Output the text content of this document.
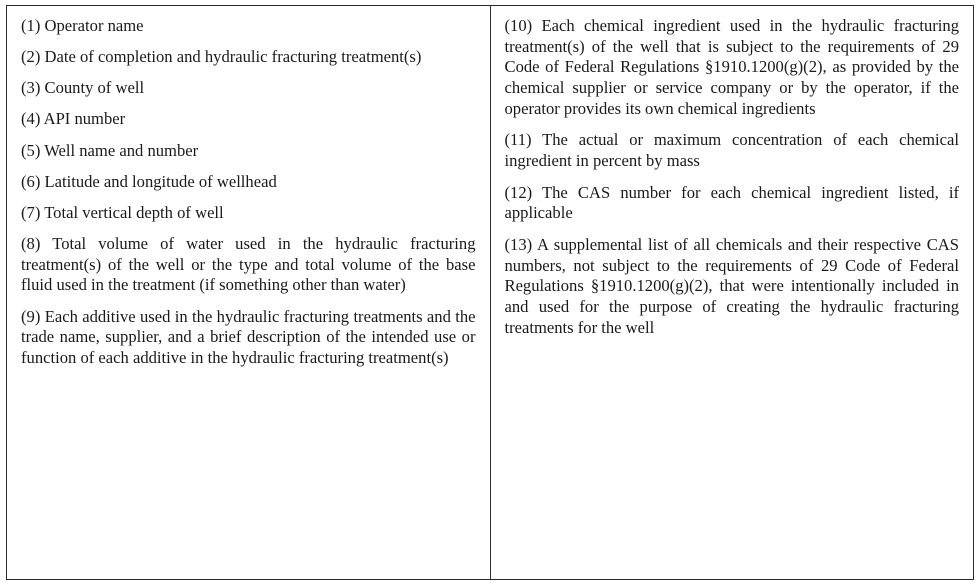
(1) Operator name

(2) Date of completion and hydraulic fracturing treatment(s)

(3) County of well

(4) API number

(5) Well name and number

(6) Latitude and longitude of wellhead

(7) Total vertical depth of well

(8) Total volume of water used in the hydraulic fracturing treatment(s) of the well or the type and total volume of the base fluid used in the treatment (if something other than water)

(9) Each additive used in the hydraulic fracturing treatments and the trade name, supplier, and a brief description of the intended use or function of each additive in the hydraulic fracturing treatment(s)

(10) Each chemical ingredient used in the hydraulic fracturing treatment(s) of the well that is subject to the requirements of 29 Code of Federal Regulations §1910.1200(g)(2), as provided by the chemical supplier or service company or by the operator, if the operator provides its own chemical ingredients

(11) The actual or maximum concentration of each chemical ingredient in percent by mass

(12) The CAS number for each chemical ingredient listed, if applicable

(13) A supplemental list of all chemicals and their respective CAS numbers, not subject to the requirements of 29 Code of Federal Regulations §1910.1200(g)(2), that were intentionally included in and used for the purpose of creating the hydraulic fracturing treatments for the well
